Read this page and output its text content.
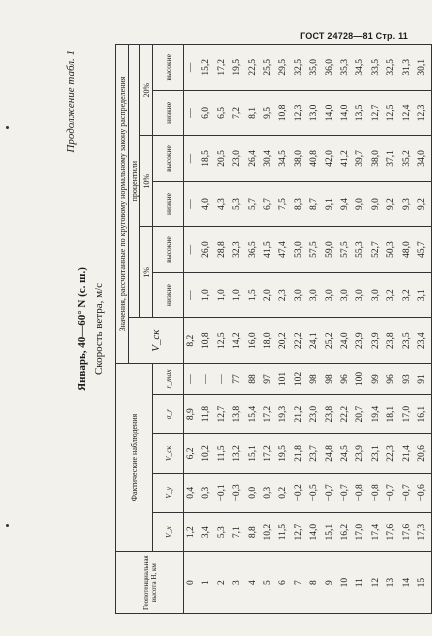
ГОСТ 24728—81 Стр. 11
Продолжение табл. 1
Январь, 40—60° N (с. ш.) Скорость ветра, м/с
Геопотенциальная высота H, км	Фактические наблюдения					Значения, рассчитанные по круговому нормальному закону распределения						
						V_ск	процентили					
							1%		10%		20%	
	V_x	V_y	V_ск	σ_r	r_max		низкие	высокие	низкие	высокие	низкие	высокие
0	1,2	0,4	6,2	8,9	—	8,2	—	—	—	—	—	—
1	3,4	0,3	10,2	11,8	—	10,8	1,0	26,0	4,0	18,5	6,0	15,2
2	5,3	−0,1	11,5	12,7	—	12,5	1,0	28,8	4,3	20,5	6,5	17,2
3	7,1	−0,3	13,2	13,8	77	14,2	1,0	32,3	5,3	23,0	7,2	19,5
4	8,8	0,0	15,1	15,4	88	16,0	1,5	36,5	5,7	26,4	8,1	22,5
5	10,2	0,3	17,2	17,2	97	18,0	2,0	41,5	6,7	30,4	9,5	25,5
6	11,5	0,2	19,5	19,3	101	20,2	2,3	47,4	7,5	34,5	10,8	29,5
7	12,7	−0,2	21,8	21,2	102	22,2	3,0	53,0	8,3	38,0	12,3	32,5
8	14,0	−0,5	23,7	23,0	98	24,1	3,0	57,5	8,7	40,8	13,0	35,0
9	15,1	−0,7	24,8	23,8	98	25,2	3,0	59,0	9,1	42,0	14,0	36,0
10	16,2	−0,7	24,5	22,2	96	24,0	3,0	57,5	9,4	41,2	14,0	35,3
11	17,0	−0,8	23,9	20,7	100	23,9	3,0	55,3	9,0	39,7	13,5	34,5
12	17,4	−0,8	23,1	19,4	99	23,9	3,0	52,7	9,0	38,0	12,7	33,5
13	17,6	−0,7	22,3	18,1	96	23,8	3,2	50,3	9,2	37,1	12,5	32,5
14	17,6	−0,7	21,4	17,0	93	23,5	3,2	48,0	9,3	35,2	12,4	31,3
15	17,3	−0,6	20,6	16,1	91	23,4	3,1	45,7	9,2	34,0	12,3	30,1
